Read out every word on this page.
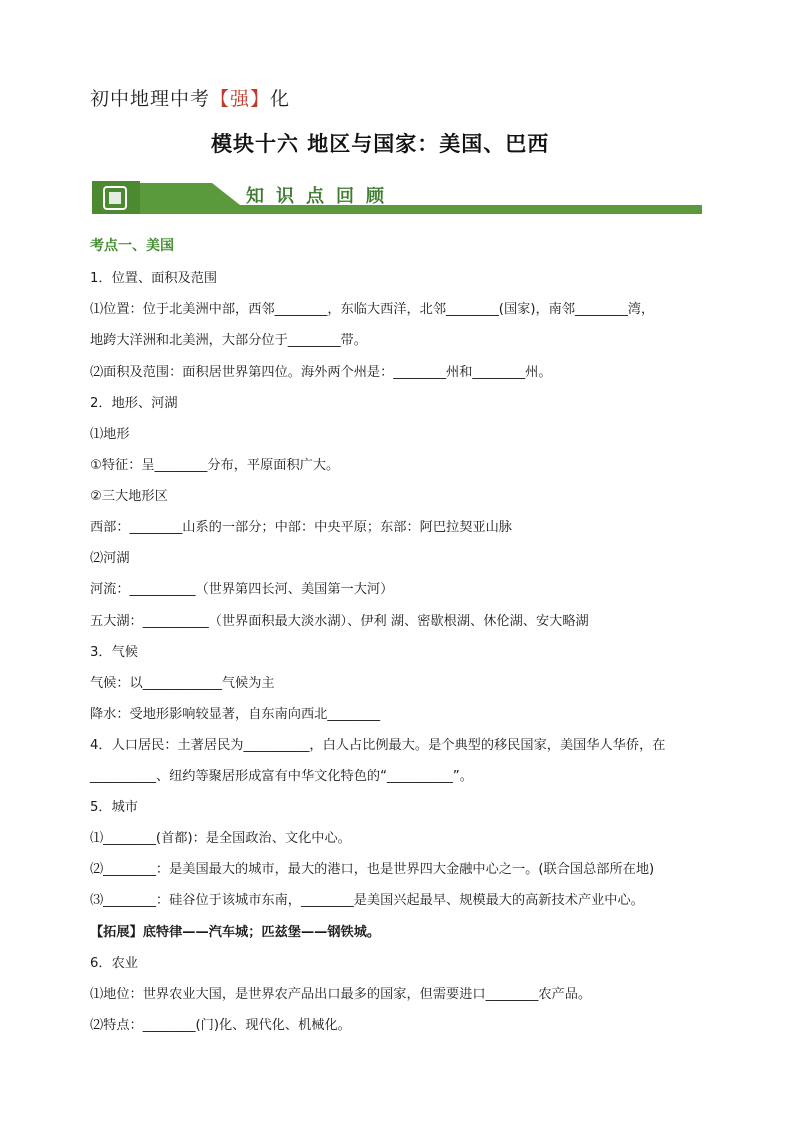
初中地理中考【强】化
模块十六 地区与国家：美国、巴西
知识点回顾
考点一、美国
1．位置、面积及范围
⑴位置：位于北美洲中部，西邻________，东临大西洋，北邻________(国家)，南邻________湾，
地跨大洋洲和北美洲，大部分位于________带。
⑵面积及范围：面积居世界第四位。海外两个州是：________州和________州。
2．地形、河湖
⑴地形
①特征：呈________分布，平原面积广大。
②三大地形区
西部：________山系的一部分；中部：中央平原；东部：阿巴拉契亚山脉
⑵河湖
河流：__________（世界第四长河、美国第一大河）
五大湖：__________（世界面积最大淡水湖）、伊利 湖、密歇根湖、休伦湖、安大略湖
3．气候
气候：以____________气候为主
降水：受地形影响较显著，自东南向西北________
4．人口居民：土著居民为__________，白人占比例最大。是个典型的移民国家，美国华人华侨，在
__________、纽约等聚居形成富有中华文化特色的“__________”。
5．城市
⑴________(首都)：是全国政治、文化中心。
⑵________：是美国最大的城市，最大的港口，也是世界四大金融中心之一。(联合国总部所在地)
⑶________：硅谷位于该城市东南，________是美国兴起最早、规模最大的高新技术产业中心。
【拓展】底特律——汽车城；匹兹堡——钢铁城。
6．农业
⑴地位：世界农业大国，是世界农产品出口最多的国家，但需要进口________农产品。
⑵特点：________(门)化、现代化、机械化。
